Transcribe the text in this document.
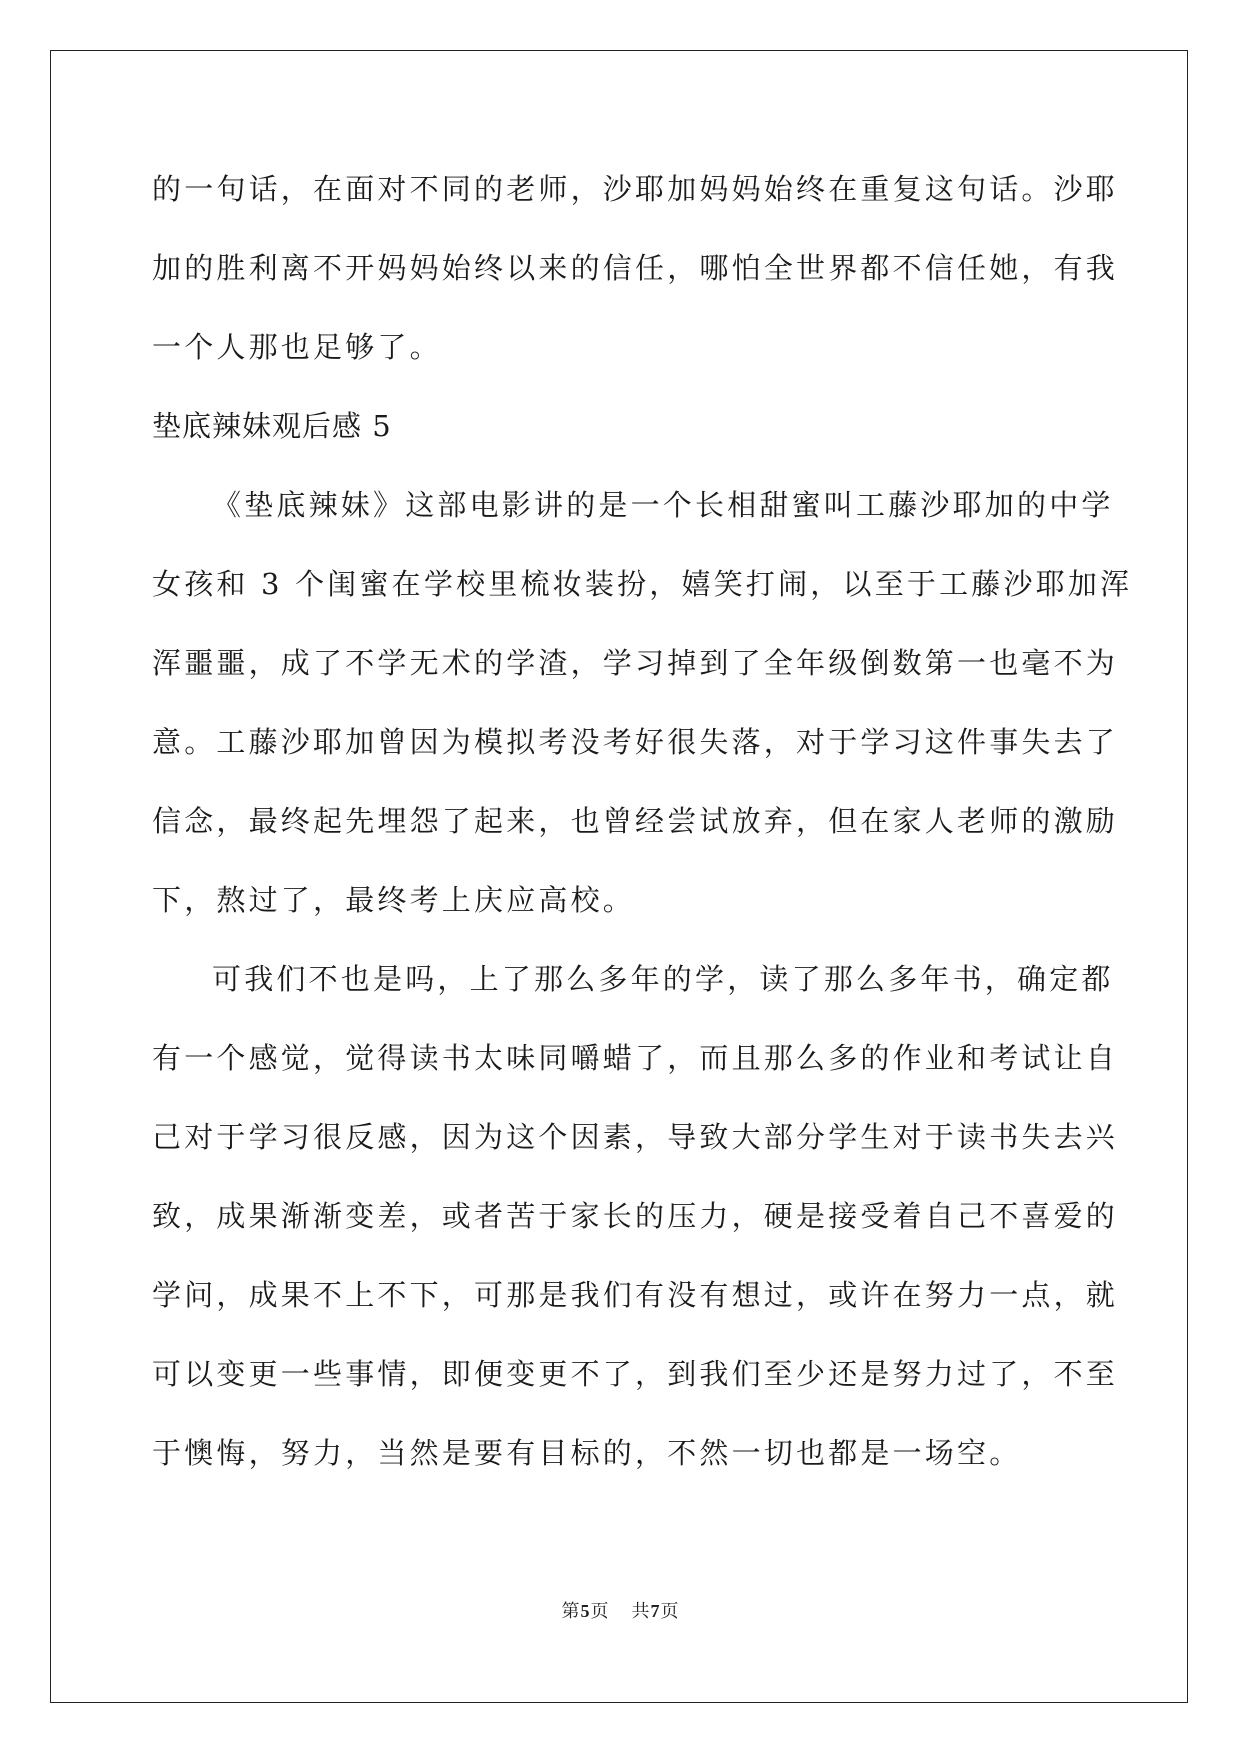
的一句话，在面对不同的老师，沙耶加妈妈始终在重复这句话。沙耶
加的胜利离不开妈妈始终以来的信任，哪怕全世界都不信任她，有我
一个人那也足够了。
垫底辣妹观后感 5
《垫底辣妹》这部电影讲的是一个长相甜蜜叫工藤沙耶加的中学
女孩和 3 个闺蜜在学校里梳妆装扮，嬉笑打闹，以至于工藤沙耶加浑
浑噩噩，成了不学无术的学渣，学习掉到了全年级倒数第一也毫不为
意。工藤沙耶加曾因为模拟考没考好很失落，对于学习这件事失去了
信念，最终起先埋怨了起来，也曾经尝试放弃，但在家人老师的激励
下，熬过了，最终考上庆应高校。
可我们不也是吗，上了那么多年的学，读了那么多年书，确定都
有一个感觉，觉得读书太味同嚼蜡了，而且那么多的作业和考试让自
己对于学习很反感，因为这个因素，导致大部分学生对于读书失去兴
致，成果渐渐变差，或者苦于家长的压力，硬是接受着自己不喜爱的
学问，成果不上不下，可那是我们有没有想过，或许在努力一点，就
可以变更一些事情，即便变更不了，到我们至少还是努力过了，不至
于懊悔，努力，当然是要有目标的，不然一切也都是一场空。
第5页 共7页
